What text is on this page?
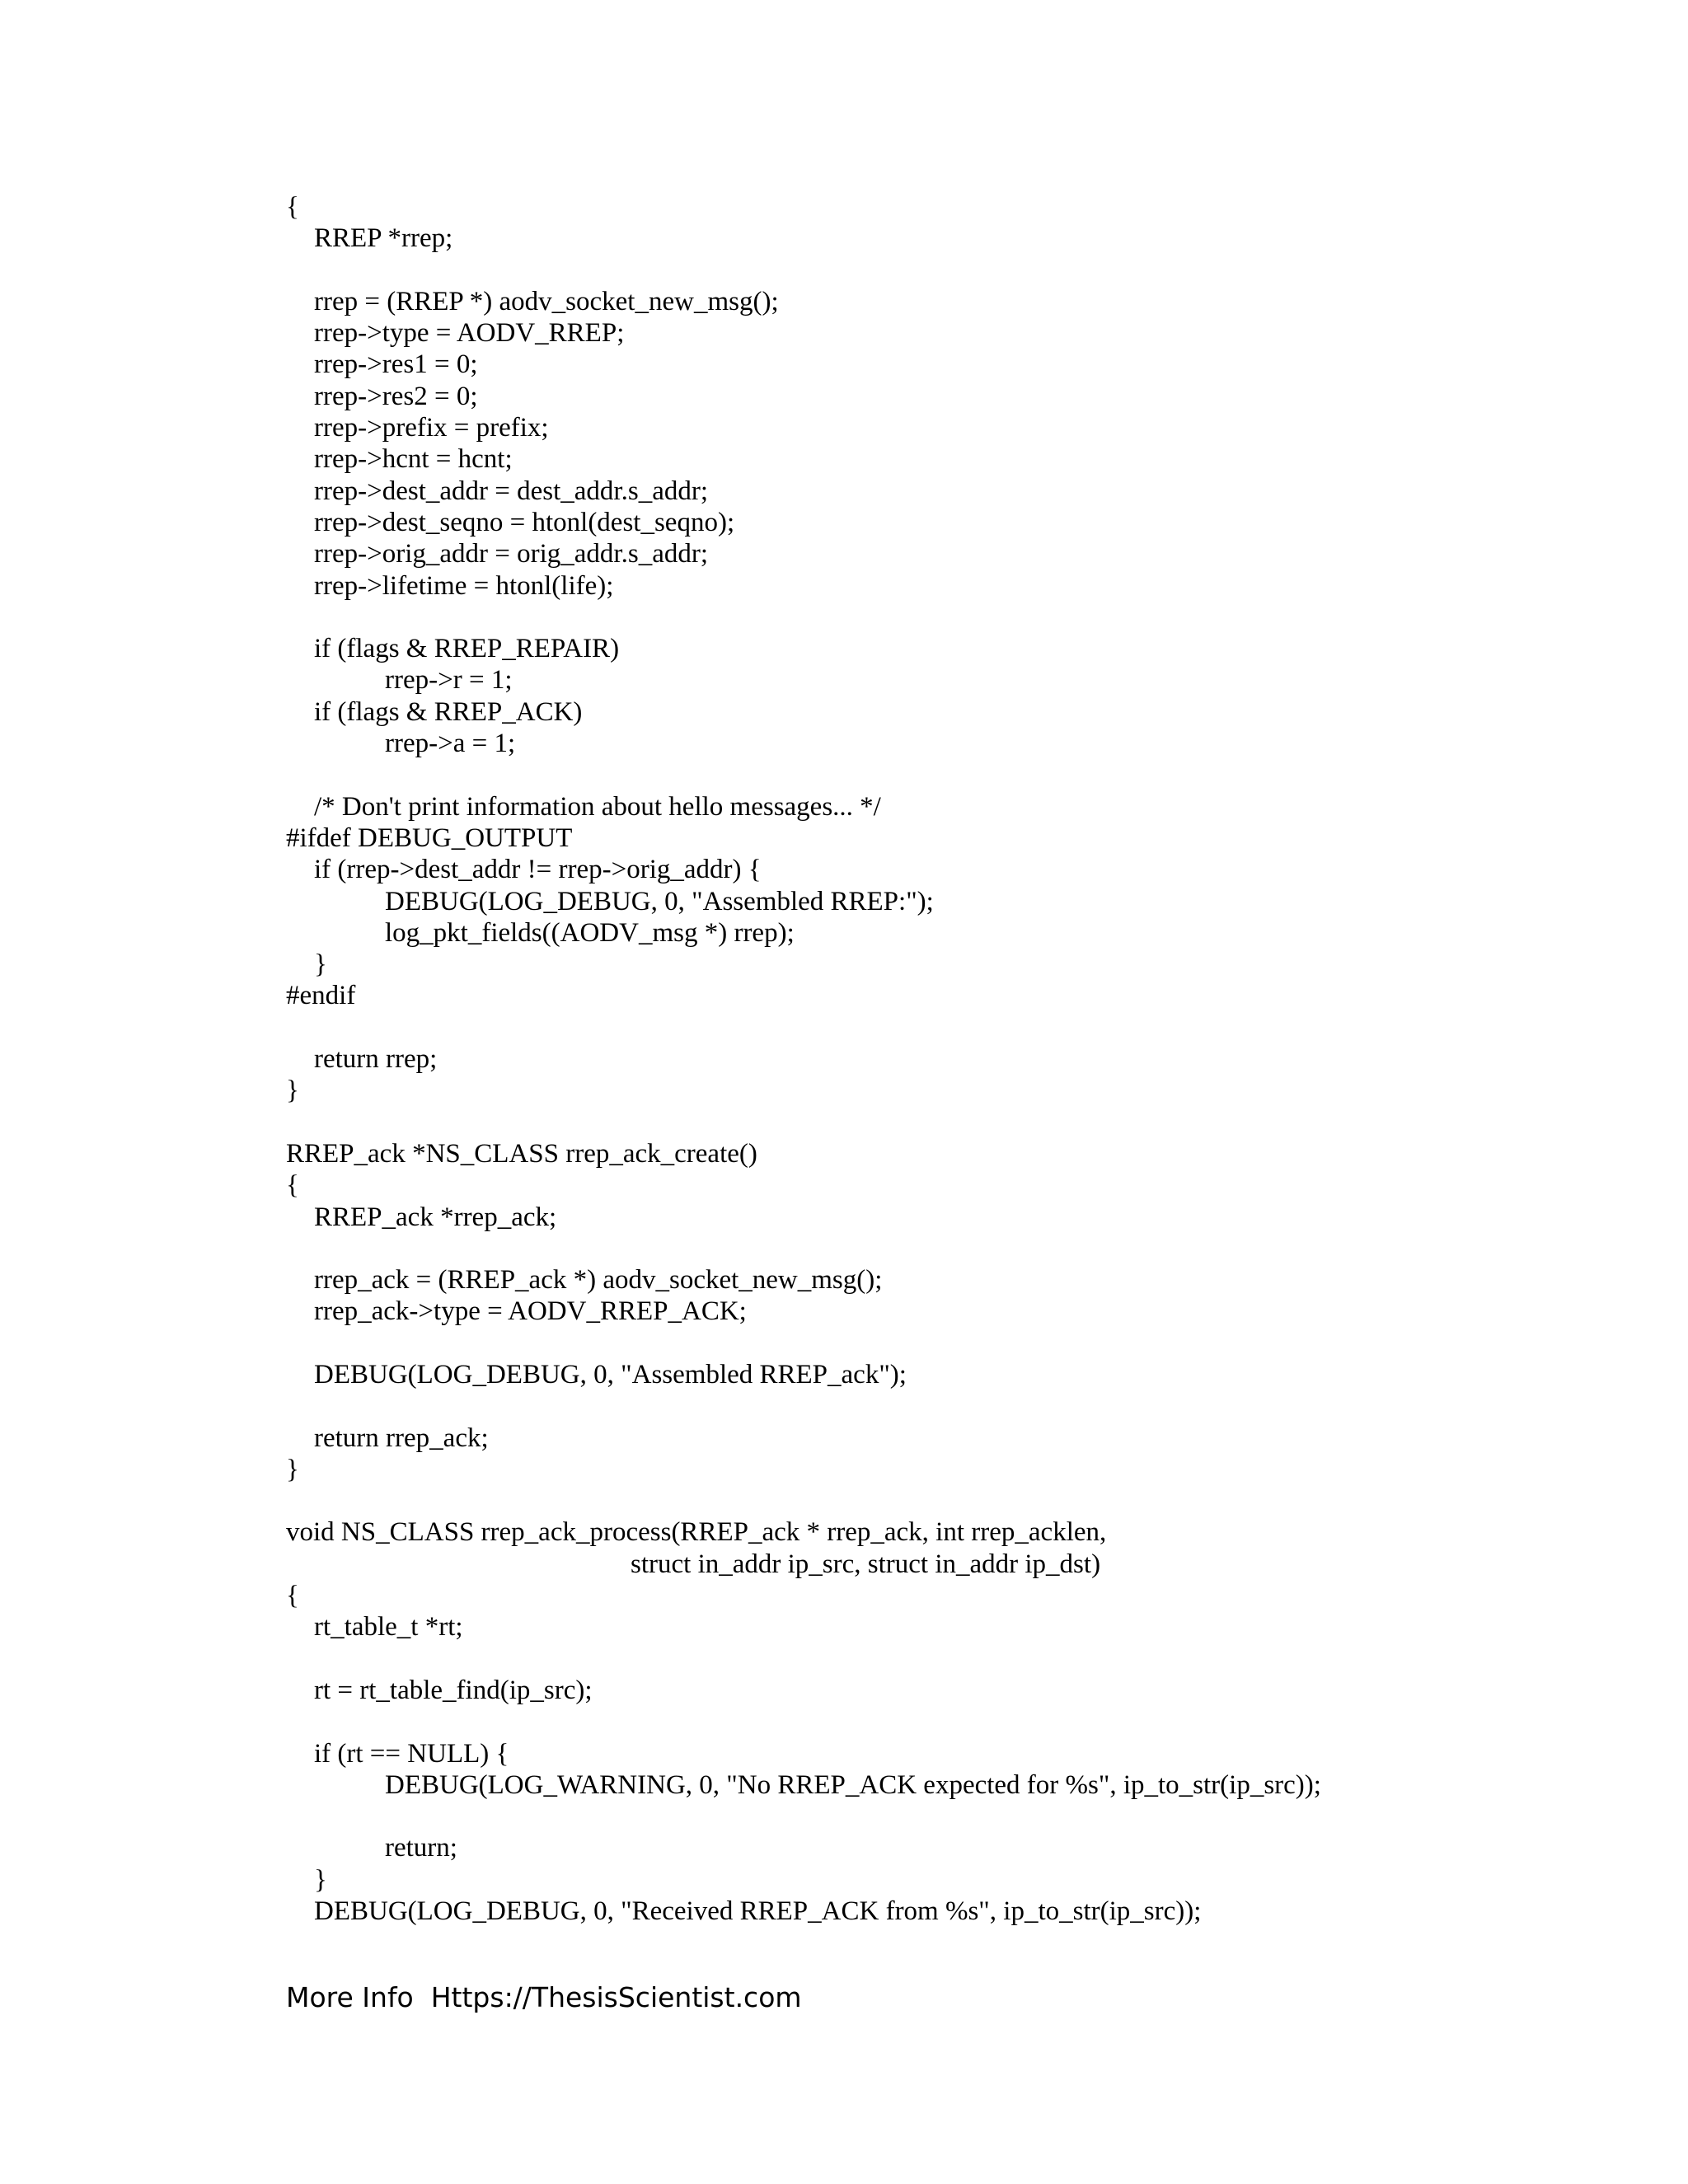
{
RREP *rrep;
rrep = (RREP *) aodv_socket_new_msg();
rrep->type = AODV_RREP;
rrep->res1 = 0;
rrep->res2 = 0;
rrep->prefix = prefix;
rrep->hcnt = hcnt;
rrep->dest_addr = dest_addr.s_addr;
rrep->dest_seqno = htonl(dest_seqno);
rrep->orig_addr = orig_addr.s_addr;
rrep->lifetime = htonl(life);
if (flags & RREP_REPAIR)
rrep->r = 1;
if (flags & RREP_ACK)
rrep->a = 1;
/* Don't print information about hello messages... */
#ifdef DEBUG_OUTPUT
if (rrep->dest_addr != rrep->orig_addr) {
DEBUG(LOG_DEBUG, 0, "Assembled RREP:");
log_pkt_fields((AODV_msg *) rrep);
}
#endif
return rrep;
}
RREP_ack *NS_CLASS rrep_ack_create()
{
RREP_ack *rrep_ack;
rrep_ack = (RREP_ack *) aodv_socket_new_msg();
rrep_ack->type = AODV_RREP_ACK;
DEBUG(LOG_DEBUG, 0, "Assembled RREP_ack");
return rrep_ack;
}
void NS_CLASS rrep_ack_process(RREP_ack * rrep_ack, int rrep_acklen,
struct in_addr ip_src, struct in_addr ip_dst)
{
rt_table_t *rt;
rt = rt_table_find(ip_src);
if (rt == NULL) {
DEBUG(LOG_WARNING, 0, "No RREP_ACK expected for %s", ip_to_str(ip_src));
return;
}
DEBUG(LOG_DEBUG, 0, "Received RREP_ACK from %s", ip_to_str(ip_src));
More Info  Https://ThesisScientist.com
